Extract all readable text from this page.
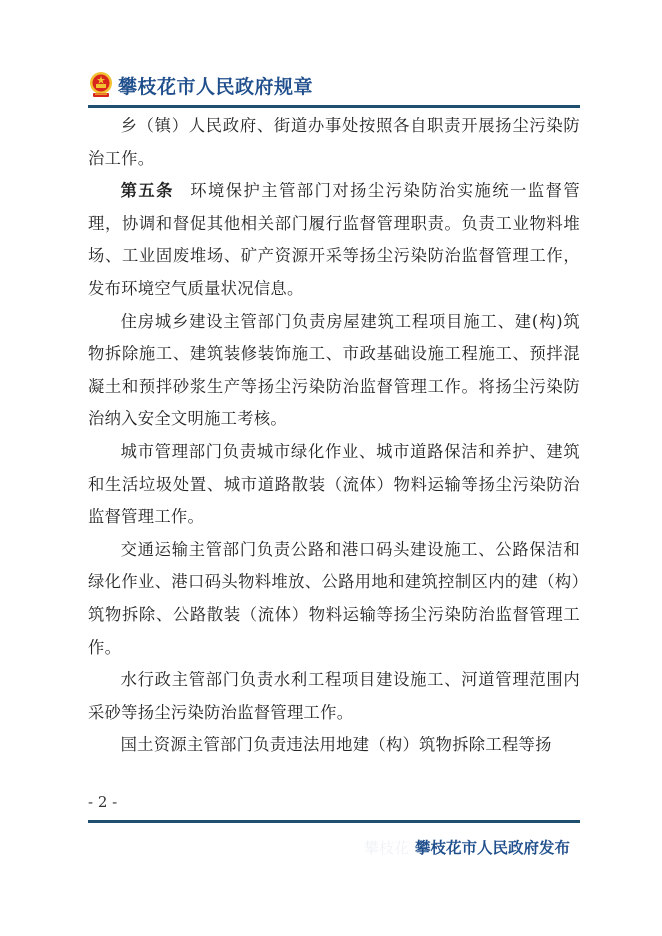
攀枝花市人民政府规章

乡（镇）人民政府、街道办事处按照各自职责开展扬尘污染防治工作。

第五条 环境保护主管部门对扬尘污染防治实施统一监督管理，协调和督促其他相关部门履行监督管理职责。负责工业物料堆场、工业固废堆场、矿产资源开采等扬尘污染防治监督管理工作，发布环境空气质量状况信息。

住房城乡建设主管部门负责房屋建筑工程项目施工、建(构)筑物拆除施工、建筑装修装饰施工、市政基础设施工程施工、预拌混凝土和预拌砂浆生产等扬尘污染防治监督管理工作。将扬尘污染防治纳入安全文明施工考核。

城市管理部门负责城市绿化作业、城市道路保洁和养护、建筑和生活垃圾处置、城市道路散装（流体）物料运输等扬尘污染防治监督管理工作。

交通运输主管部门负责公路和港口码头建设施工、公路保洁和绿化作业、港口码头物料堆放、公路用地和建筑控制区内的建（构）筑物拆除、公路散装（流体）物料运输等扬尘污染防治监督管理工作。

水行政主管部门负责水利工程项目建设施工、河道管理范围内采砂等扬尘污染防治监督管理工作。

国土资源主管部门负责违法用地建（构）筑物拆除工程等扬

- 2 -
攀枝花 攀枝花市人民政府发布
